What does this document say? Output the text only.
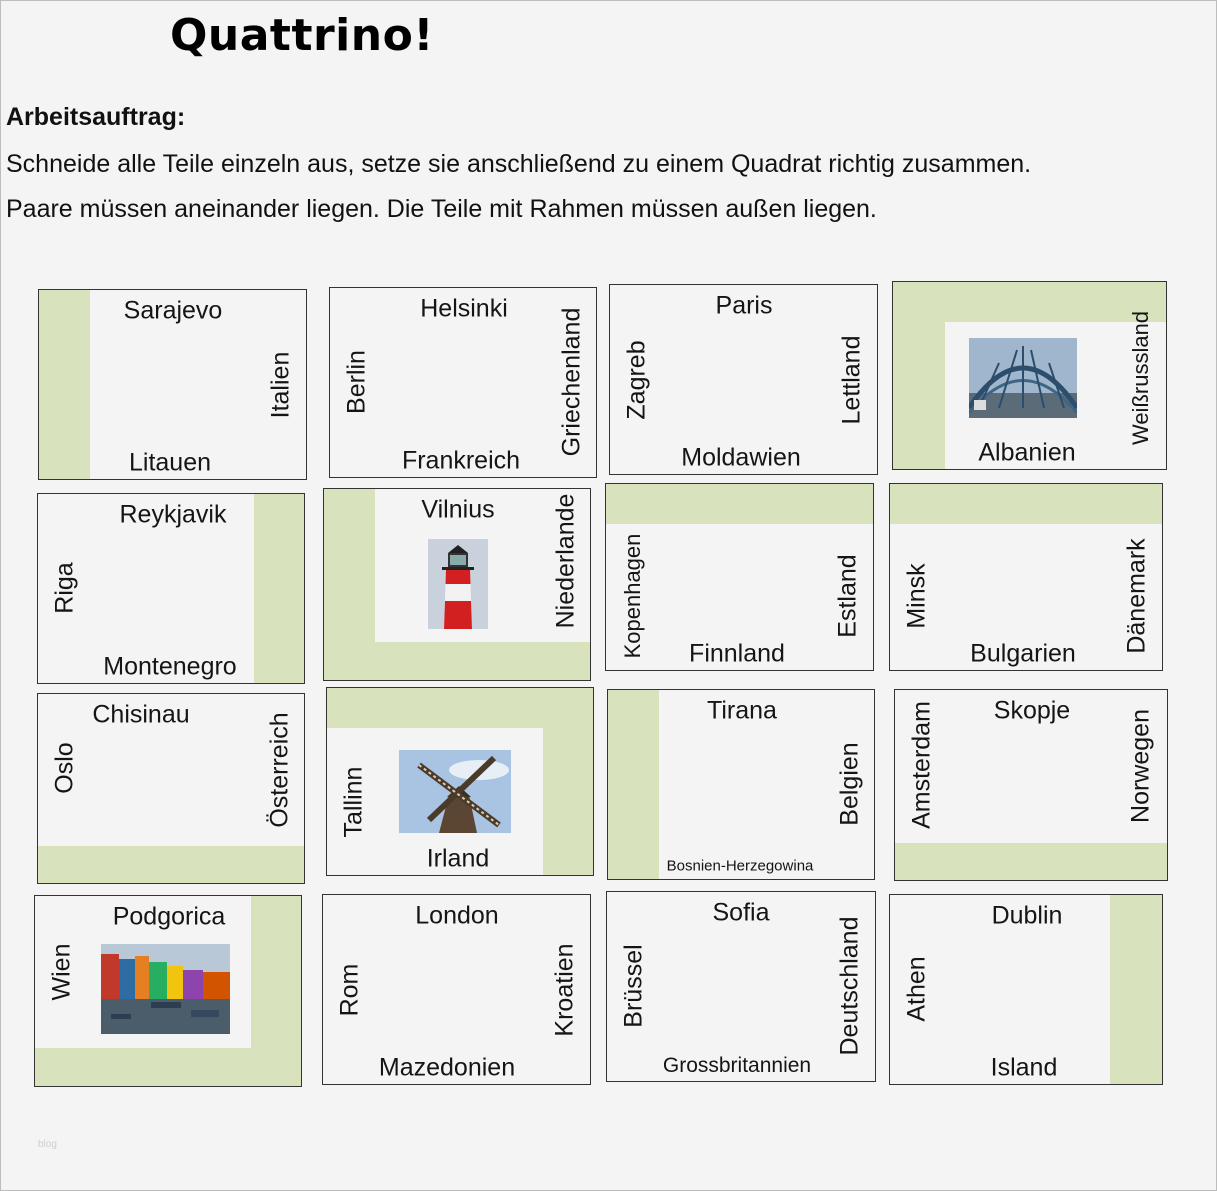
Quattrino!
Arbeitsauftrag:
Schneide alle Teile einzeln aus, setze sie anschließend zu einem Quadrat richtig zusammen.
Paare müssen aneinander liegen. Die Teile mit Rahmen müssen außen liegen.
Sarajevo
Litauen
Italien
Helsinki
Frankreich
Berlin	Griechenland
Paris
Moldawien
Zagreb	Lettland
Albanien
Weißrussland
Reykjavik
Montenegro
Riga
Vilnius Niederlande
Finnland
Kopenhagen	Estland
Bulgarien
Minsk	Dänemark
Chisinau
Oslo	Österreich
Irland
Tallinn
Tirana
Bosnien-Herzegowina
Belgien
Skopje
Amsterdam	Norwegen
Podgorica
Wien
London
Mazedonien
Rom	Kroatien
Sofia
Grossbritannien
Brüssel	Deutschland
Dublin
Island
Athen
blog
